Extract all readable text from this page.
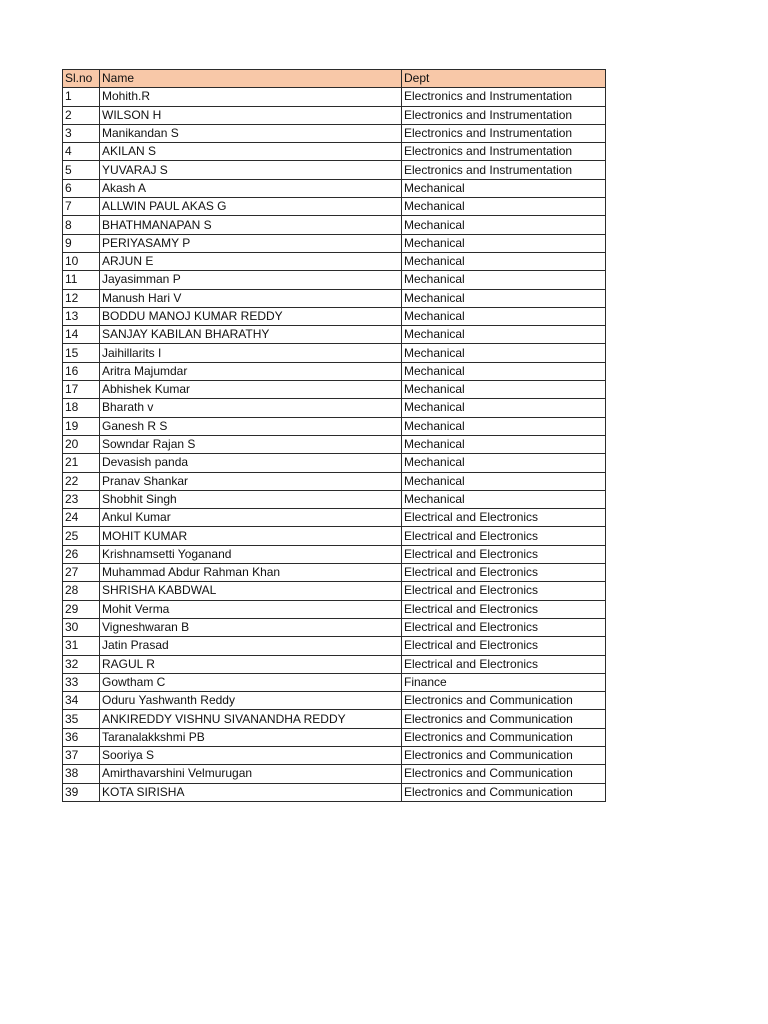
Sl.no	Name	Dept
1	Mohith.R	Electronics and Instrumentation
2	WILSON H	Electronics and Instrumentation
3	Manikandan S	Electronics and Instrumentation
4	AKILAN S	Electronics and Instrumentation
5	YUVARAJ S	Electronics and Instrumentation
6	Akash A	Mechanical
7	ALLWIN PAUL AKAS G	Mechanical
8	BHATHMANAPAN S	Mechanical
9	PERIYASAMY P	Mechanical
10	ARJUN E	Mechanical
11	Jayasimman P	Mechanical
12	Manush Hari V	Mechanical
13	BODDU MANOJ KUMAR REDDY	Mechanical
14	SANJAY KABILAN BHARATHY	Mechanical
15	Jaihillarits I	Mechanical
16	Aritra Majumdar	Mechanical
17	Abhishek Kumar	Mechanical
18	Bharath v	Mechanical
19	Ganesh R S	Mechanical
20	Sowndar Rajan S	Mechanical
21	Devasish panda	Mechanical
22	Pranav Shankar	Mechanical
23	Shobhit Singh	Mechanical
24	Ankul Kumar	Electrical and Electronics
25	MOHIT KUMAR	Electrical and Electronics
26	Krishnamsetti Yoganand	Electrical and Electronics
27	Muhammad Abdur Rahman Khan	Electrical and Electronics
28	SHRISHA KABDWAL	Electrical and Electronics
29	Mohit Verma	Electrical and Electronics
30	Vigneshwaran B	Electrical and Electronics
31	Jatin Prasad	Electrical and Electronics
32	RAGUL R	Electrical and Electronics
33	Gowtham C	Finance
34	Oduru Yashwanth Reddy	Electronics and Communication
35	ANKIREDDY VISHNU SIVANANDHA REDDY	Electronics and Communication
36	Taranalakkshmi PB	Electronics and Communication
37	Sooriya S	Electronics and Communication
38	Amirthavarshini Velmurugan	Electronics and Communication
39	KOTA SIRISHA	Electronics and Communication
